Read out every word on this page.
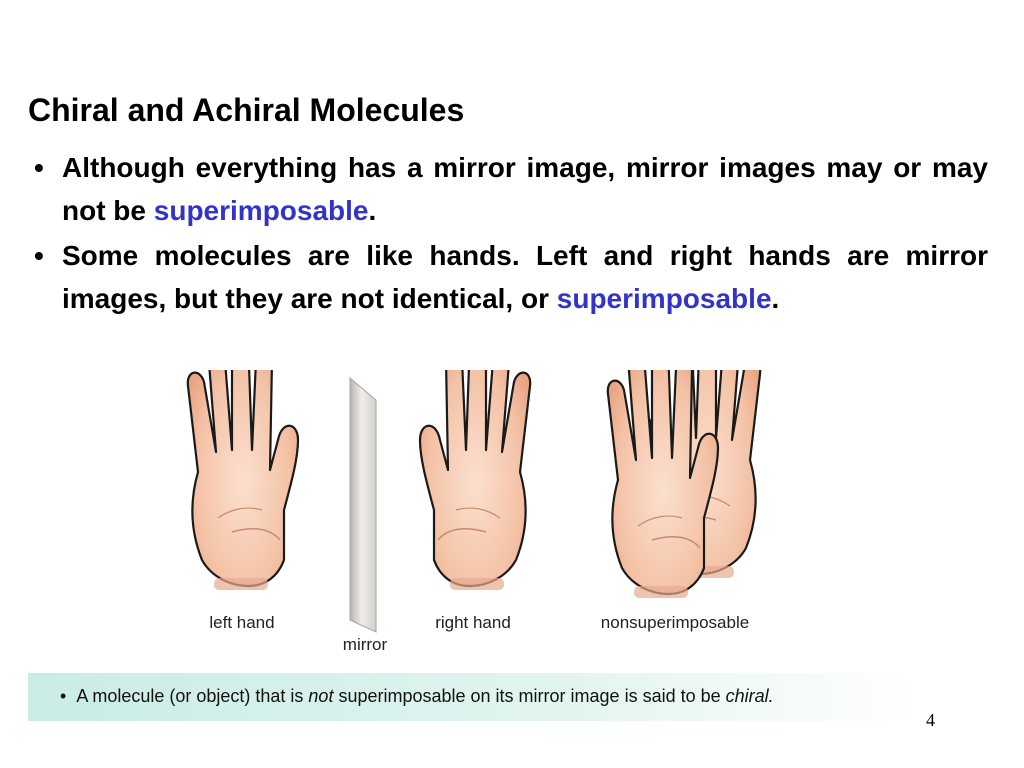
Chiral and Achiral Molecules
• Although everything has a mirror image, mirror images may or may not be superimposable.
• Some molecules are like hands. Left and right hands are mirror images, but they are not identical, or superimposable.
left hand
mirror
right hand	nonsuperimposable
• A molecule (or object) that is not superimposable on its mirror image is said to be chiral.
4
